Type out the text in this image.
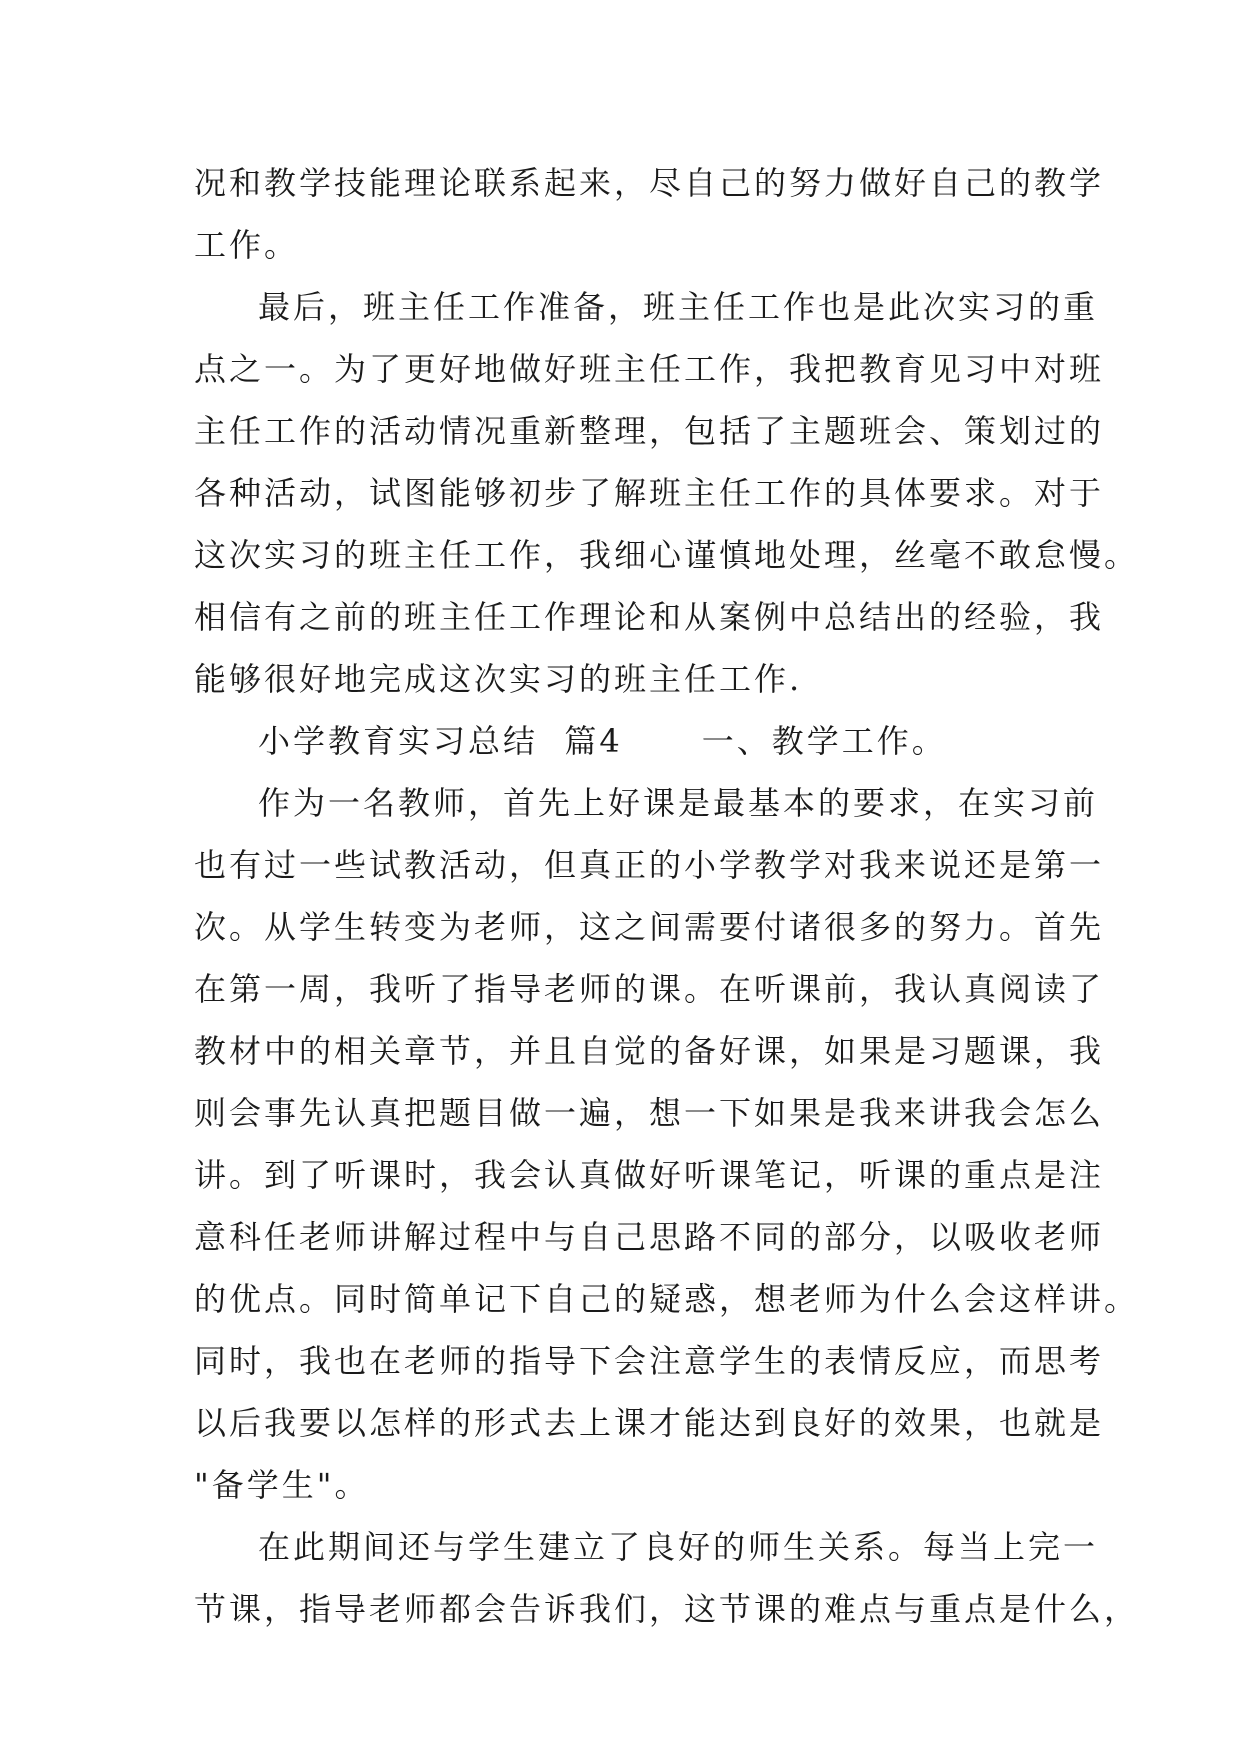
况和教学技能理论联系起来，尽自己的努力做好自己的教学
工作。
最后，班主任工作准备，班主任工作也是此次实习的重
点之一。为了更好地做好班主任工作，我把教育见习中对班
主任工作的活动情况重新整理，包括了主题班会、策划过的
各种活动，试图能够初步了解班主任工作的具体要求。对于
这次实习的班主任工作，我细心谨慎地处理，丝毫不敢怠慢。
相信有之前的班主任工作理论和从案例中总结出的经验，我
能够很好地完成这次实习的班主任工作.
小学教育实习总结  篇4      一、教学工作。
作为一名教师，首先上好课是最基本的要求，在实习前
也有过一些试教活动，但真正的小学教学对我来说还是第一
次。从学生转变为老师，这之间需要付诸很多的努力。首先
在第一周，我听了指导老师的课。在听课前，我认真阅读了
教材中的相关章节，并且自觉的备好课，如果是习题课，我
则会事先认真把题目做一遍，想一下如果是我来讲我会怎么
讲。到了听课时，我会认真做好听课笔记，听课的重点是注
意科任老师讲解过程中与自己思路不同的部分，以吸收老师
的优点。同时简单记下自己的疑惑，想老师为什么会这样讲。
同时，我也在老师的指导下会注意学生的表情反应，而思考
以后我要以怎样的形式去上课才能达到良好的效果，也就是
"备学生"。
在此期间还与学生建立了良好的师生关系。每当上完一
节课，指导老师都会告诉我们，这节课的难点与重点是什么，
